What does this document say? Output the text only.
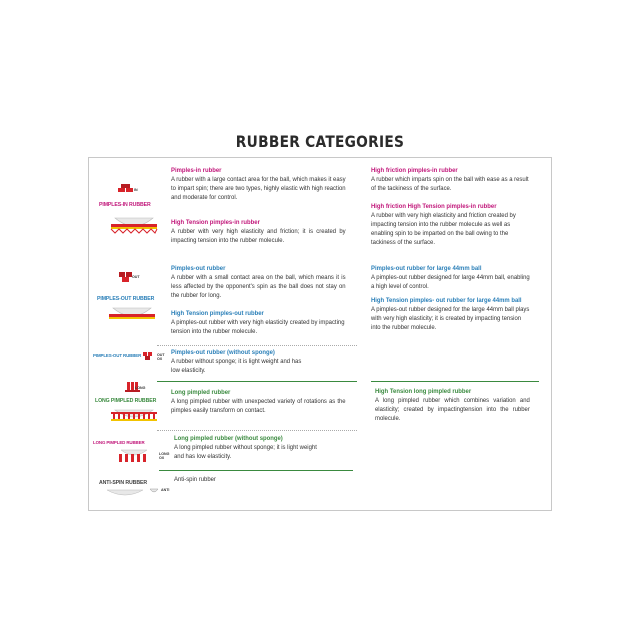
RUBBER CATEGORIES
IN
PIMPLES-IN RUBBER
OUT
PIMPLES-OUT RUBBER
PIMPLES-OUT RUBBER	OUT OX
LONG
LONG PIMPLED RUBBER
LONG PIMPLED RUBBER
LONG OX
ANTI-SPIN RUBBER
ANTI
Pimples-in rubber
A rubber with a large contact area for the ball, which makes it easy to impart spin; there are two types, highly elastic with high reaction and moderate for control.
High Tension pimples-in rubber
A rubber with very high elasticity and friction; it is created by impacting tension into the rubber molecule.
Pimples-out rubber
A rubber with a small contact area on the ball, which means it is less affected by the opponent's spin as the ball does not stay on the rubber for long.
High Tension pimples-out rubber
A pimples-out rubber with very high elasticity created by impacting tension into the rubber molecule.
Pimples-out rubber (without sponge)
A rubber without sponge; it is light weight and has low elasticity.
Long pimpled rubber
A long pimpled rubber with unexpected variety of rotations as the pimples easily transform on contact.
Long pimpled rubber (without sponge)
A long pimpled rubber without sponge; it is light weight and has low elasticity.
Anti-spin rubber
High friction pimples-in rubber
A rubber which imparts spin on the ball with ease as a result of the tackiness of the surface.
High friction High Tension pimples-in rubber
A rubber with very high elasticity and friction created by impacting tension into the rubber molecule as well as enabling spin to be imparted on the ball owing to the tackiness of the surface.
Pimples-out rubber for large 44mm ball
A pimples-out rubber designed for large 44mm ball, enabling a high level of control.
High Tension pimples- out rubber for large 44mm ball
A pimples-out rubber designed for the large 44mm ball plays with very high elasticity; it is created by impacting tension into the rubber molecule.
High Tension long pimpled rubber
A long pimpled rubber which combines variation and elasticity; created by impactingtension into the rubber molecule.
